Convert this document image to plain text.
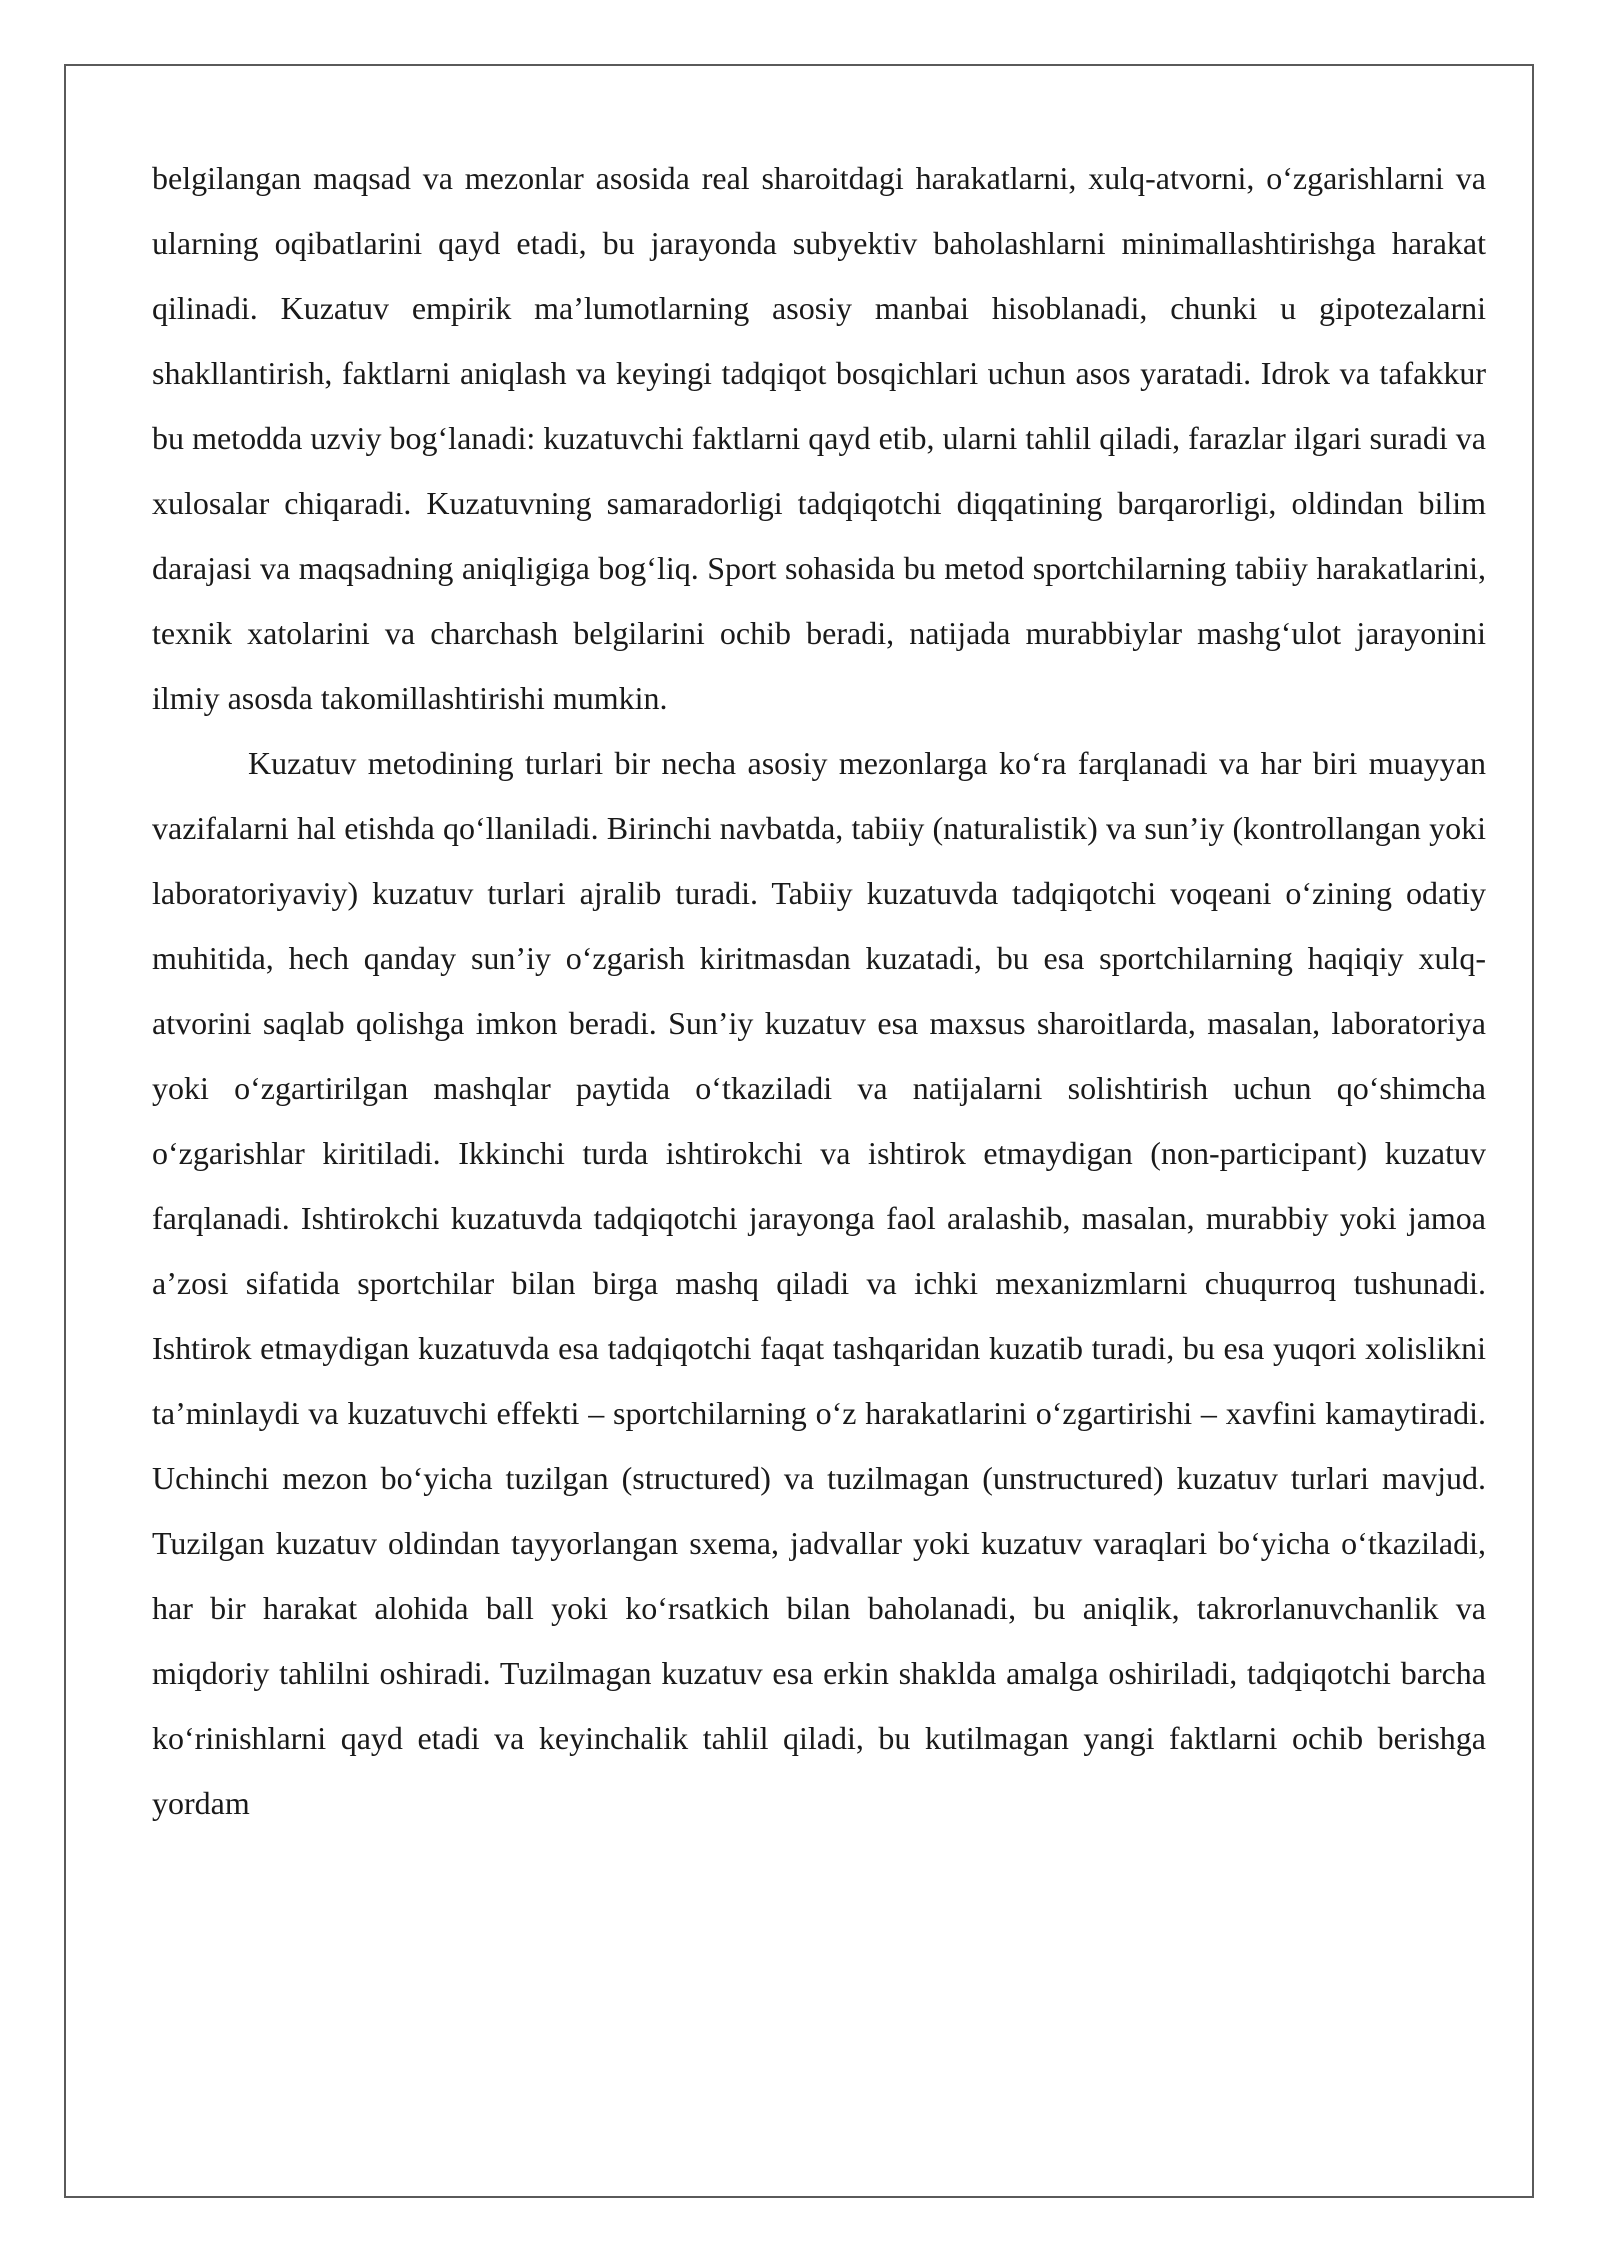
belgilangan maqsad va mezonlar asosida real sharoitdagi harakatlarni, xulq-atvorni, o‘zgarishlarni va ularning oqibatlarini qayd etadi, bu jarayonda subyektiv baholashlarni minimallashtirishga harakat qilinadi. Kuzatuv empirik ma’lumotlarning asosiy manbai hisoblanadi, chunki u gipotezalarni shakllantirish, faktlarni aniqlash va keyingi tadqiqot bosqichlari uchun asos yaratadi. Idrok va tafakkur bu metodda uzviy bog‘lanadi: kuzatuvchi faktlarni qayd etib, ularni tahlil qiladi, farazlar ilgari suradi va xulosalar chiqaradi. Kuzatuvning samaradorligi tadqiqotchi diqqatining barqarorligi, oldindan bilim darajasi va maqsadning aniqligiga bog‘liq. Sport sohasida bu metod sportchilarning tabiiy harakatlarini, texnik xatolarini va charchash belgilarini ochib beradi, natijada murabbiylar mashg‘ulot jarayonini ilmiy asosda takomillashtirishi mumkin.

Kuzatuv metodining turlari bir necha asosiy mezonlarga ko‘ra farqlanadi va har biri muayyan vazifalarni hal etishda qo‘llaniladi. Birinchi navbatda, tabiiy (naturalistik) va sun’iy (kontrollangan yoki laboratoriyaviy) kuzatuv turlari ajralib turadi. Tabiiy kuzatuvda tadqiqotchi voqeani o‘zining odatiy muhitida, hech qanday sun’iy o‘zgarish kiritmasdan kuzatadi, bu esa sportchilarning haqiqiy xulq-atvorini saqlab qolishga imkon beradi. Sun’iy kuzatuv esa maxsus sharoitlarda, masalan, laboratoriya yoki o‘zgartirilgan mashqlar paytida o‘tkaziladi va natijalarni solishtirish uchun qo‘shimcha o‘zgarishlar kiritiladi. Ikkinchi turda ishtirokchi va ishtirok etmaydigan (non-participant) kuzatuv farqlanadi. Ishtirokchi kuzatuvda tadqiqotchi jarayonga faol aralashib, masalan, murabbiy yoki jamoa a’zosi sifatida sportchilar bilan birga mashq qiladi va ichki mexanizmlarni chuqurroq tushunadi. Ishtirok etmaydigan kuzatuvda esa tadqiqotchi faqat tashqaridan kuzatib turadi, bu esa yuqori xolislikni ta’minlaydi va kuzatuvchi effekti – sportchilarning o‘z harakatlarini o‘zgartirishi – xavfini kamaytiradi. Uchinchi mezon bo‘yicha tuzilgan (structured) va tuzilmagan (unstructured) kuzatuv turlari mavjud. Tuzilgan kuzatuv oldindan tayyorlangan sxema, jadvallar yoki kuzatuv varaqlari bo‘yicha o‘tkaziladi, har bir harakat alohida ball yoki ko‘rsatkich bilan baholanadi, bu aniqlik, takrorlanuvchanlik va miqdoriy tahlilni oshiradi. Tuzilmagan kuzatuv esa erkin shaklda amalga oshiriladi, tadqiqotchi barcha ko‘rinishlarni qayd etadi va keyinchalik tahlil qiladi, bu kutilmagan yangi faktlarni ochib berishga yordam
